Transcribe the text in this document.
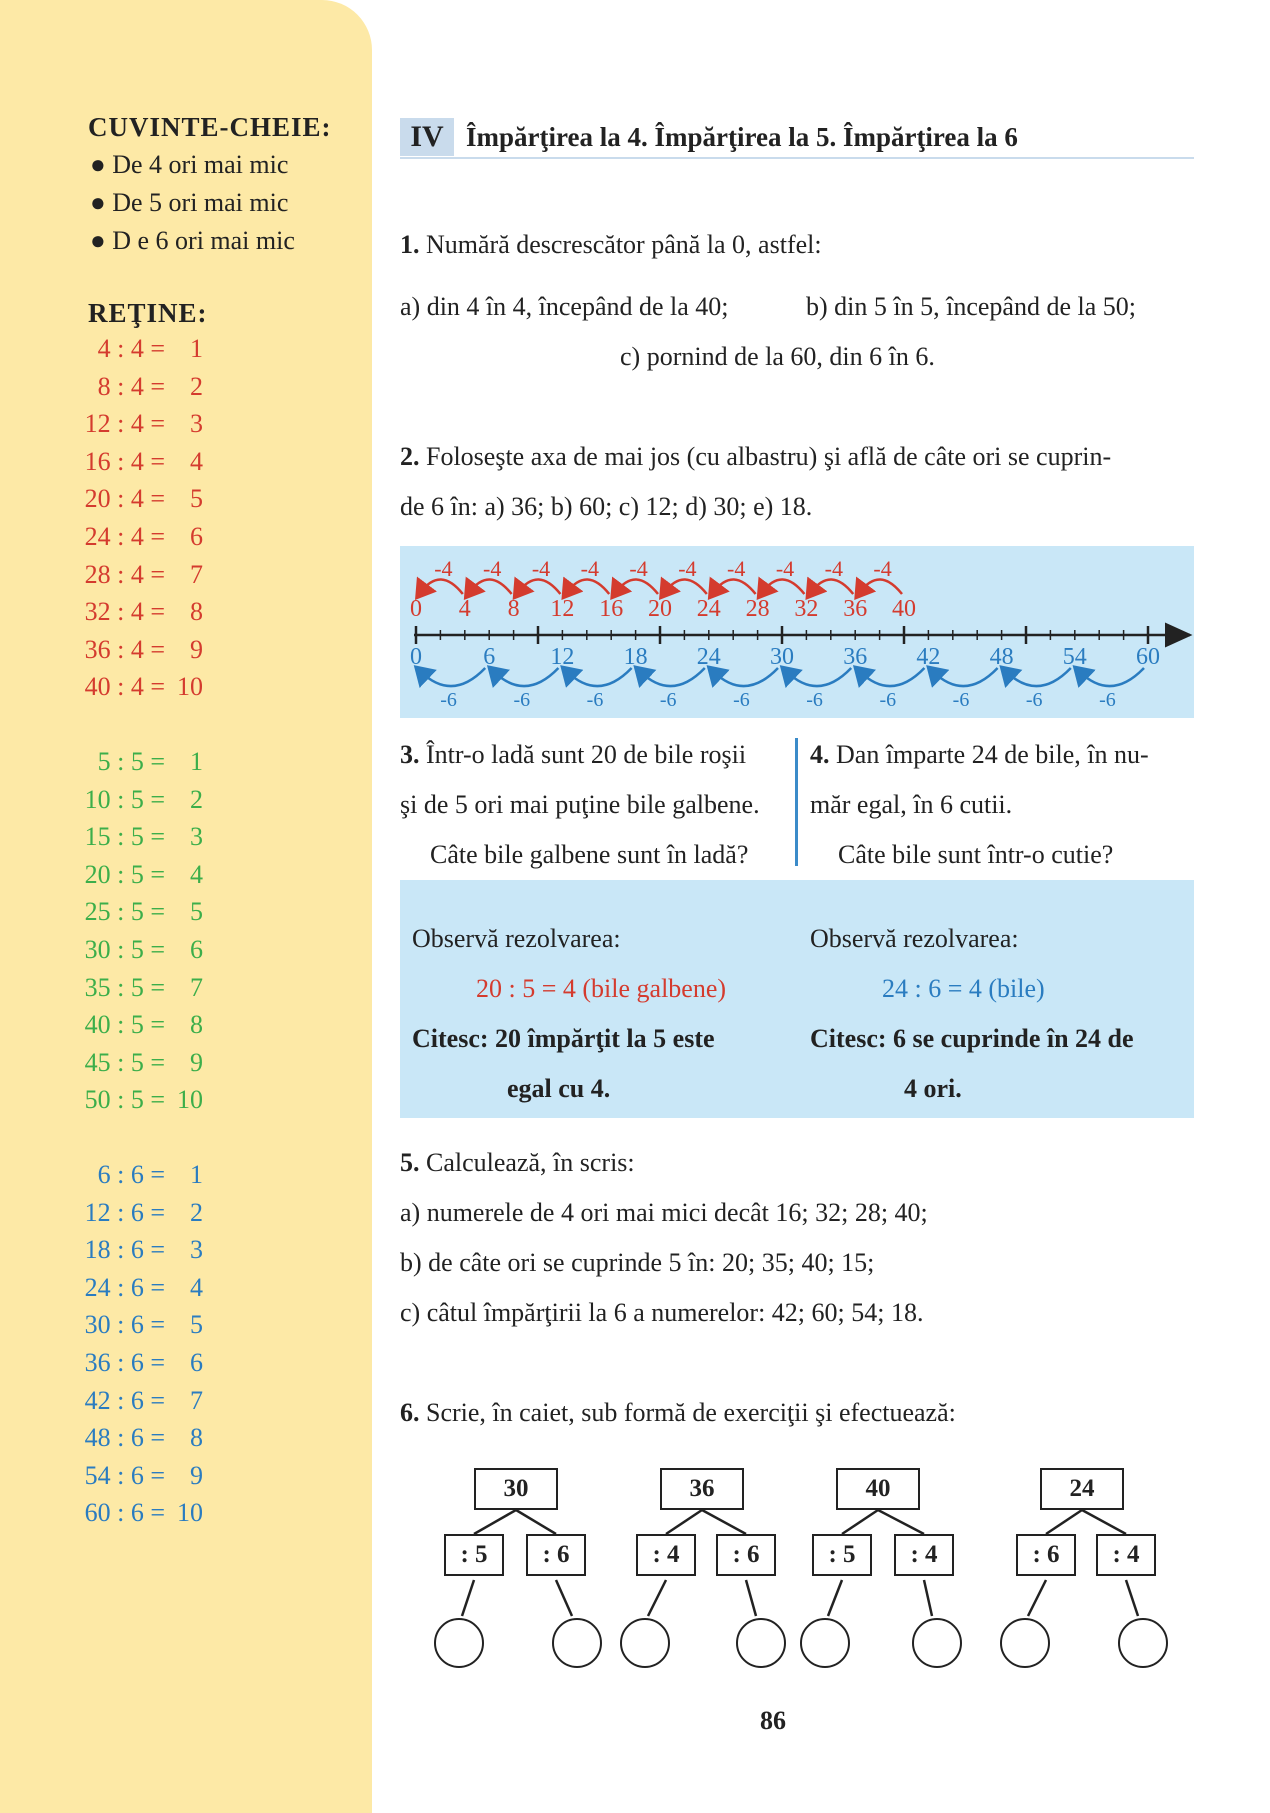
CUVINTE-CHEIE:
● De 4 ori mai mic
● De 5 ori mai mic
● D e 6 ori mai mic
REŢINE:
4 : 4 = 1
8 : 4 = 2
12 : 4 = 3
16 : 4 = 4
20 : 4 = 5
24 : 4 = 6
28 : 4 = 7
32 : 4 = 8
36 : 4 = 9
40 : 4 = 10
5 : 5 = 1
10 : 5 = 2
15 : 5 = 3
20 : 5 = 4
25 : 5 = 5
30 : 5 = 6
35 : 5 = 7
40 : 5 = 8
45 : 5 = 9
50 : 5 = 10
6 : 6 = 1
12 : 6 = 2
18 : 6 = 3
24 : 6 = 4
30 : 6 = 5
36 : 6 = 6
42 : 6 = 7
48 : 6 = 8
54 : 6 = 9
60 : 6 = 10
IV Împărţirea la 4. Împărţirea la 5. Împărţirea la 6
1. Numără descrescător până la 0, astfel:
a) din 4 în 4, începând de la 40;	b) din 5 în 5, începând de la 50;
c) pornind de la 60, din 6 în 6.
2. Foloseşte axa de mai jos (cu albastru) şi află de câte ori se cuprin-
de 6 în: a) 36; b) 60; c) 12; d) 30; e) 18.
0 4
-4
8
-4
12
-4
16
-4
20
-4
24
-4
28
-4
32
-4
36
-4
40
-4
0	6
-6
12
-6
18
-6
24
-6
30
-6
36
-6
42
-6
48
-6
54
-6
60
-6
3. Într-o ladă sunt 20 de bile roşii
şi de 5 ori mai puţine bile galbene.
Câte bile galbene sunt în ladă?
4. Dan împarte 24 de bile, în nu-
măr egal, în 6 cutii.
Câte bile sunt într-o cutie?
Observă rezolvarea:
20 : 5 = 4 (bile galbene)
Citesc: 20 împărţit la 5 este
egal cu 4.
Observă rezolvarea:
24 : 6 = 4 (bile)
Citesc: 6 se cuprinde în 24 de
4 ori.
5. Calculează, în scris:
a) numerele de 4 ori mai mici decât 16; 32; 28; 40;
b) de câte ori se cuprinde 5 în: 20; 35; 40; 15;
c) câtul împărţirii la 6 a numerelor: 42; 60; 54; 18.
6. Scrie, în caiet, sub formă de exerciţii şi efectuează:
30
: 5	: 6
36
: 4	: 6
40
: 5	: 4
24
: 6	: 4
86
